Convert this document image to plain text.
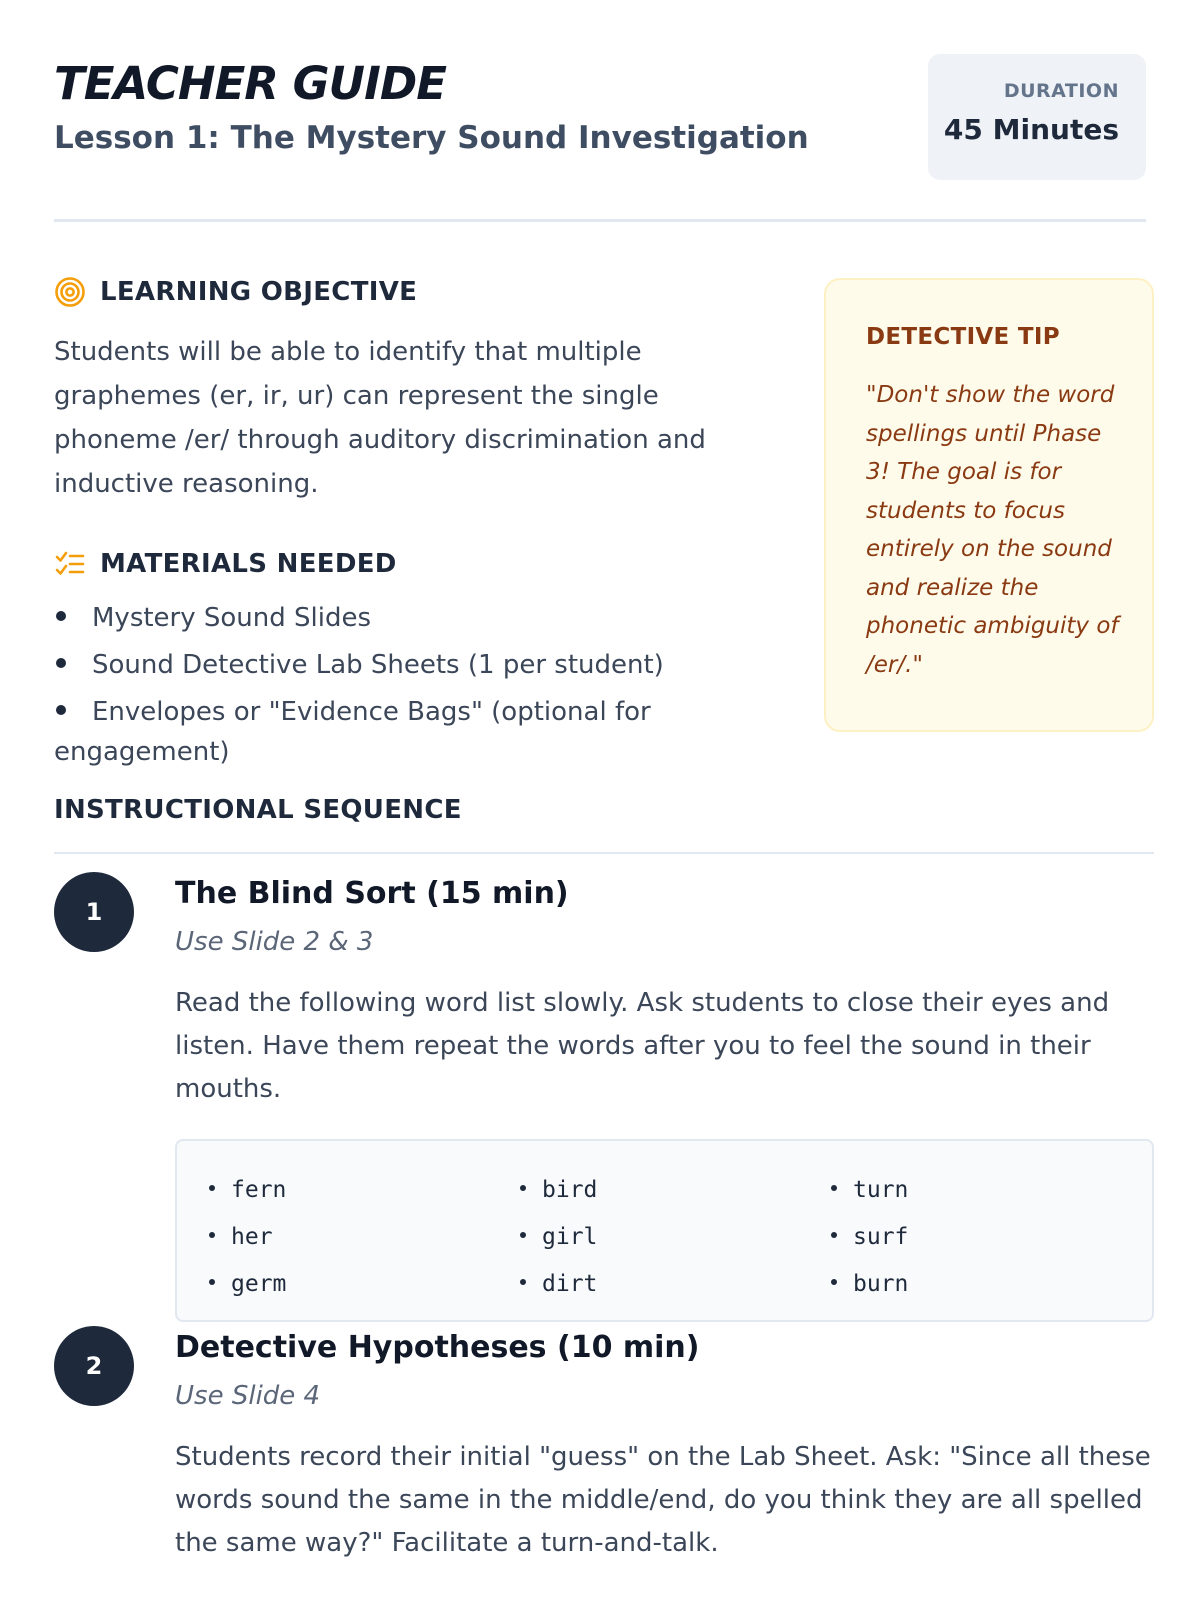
TEACHER GUIDE
Lesson 1: The Mystery Sound Investigation
DURATION
45 Minutes
LEARNING OBJECTIVE

Students will be able to identify that multiple graphemes (er, ir, ur) can represent the single phoneme /er/ through auditory discrimination and inductive reasoning.

MATERIALS NEEDED
Mystery Sound Slides
Sound Detective Lab Sheets (1 per student)
Envelopes or "Evidence Bags" (optional for engagement)
DETECTIVE TIP

"Don't show the word spellings until Phase 3! The goal is for students to focus entirely on the sound and realize the phonetic ambiguity of /er/."

INSTRUCTIONAL SEQUENCE
1
The Blind Sort (15 min)
Use Slide 2 & 3

Read the following word list slowly. Ask students to close their eyes and listen. Have them repeat the words after you to feel the sound in their mouths.

fern
her
germ
bird
girl
dirt
turn
surf
burn
2
Detective Hypotheses (10 min)
Use Slide 4

Students record their initial "guess" on the Lab Sheet. Ask: "Since all these words sound the same in the middle/end, do you think they are all spelled the same way?" Facilitate a turn-and-talk.
